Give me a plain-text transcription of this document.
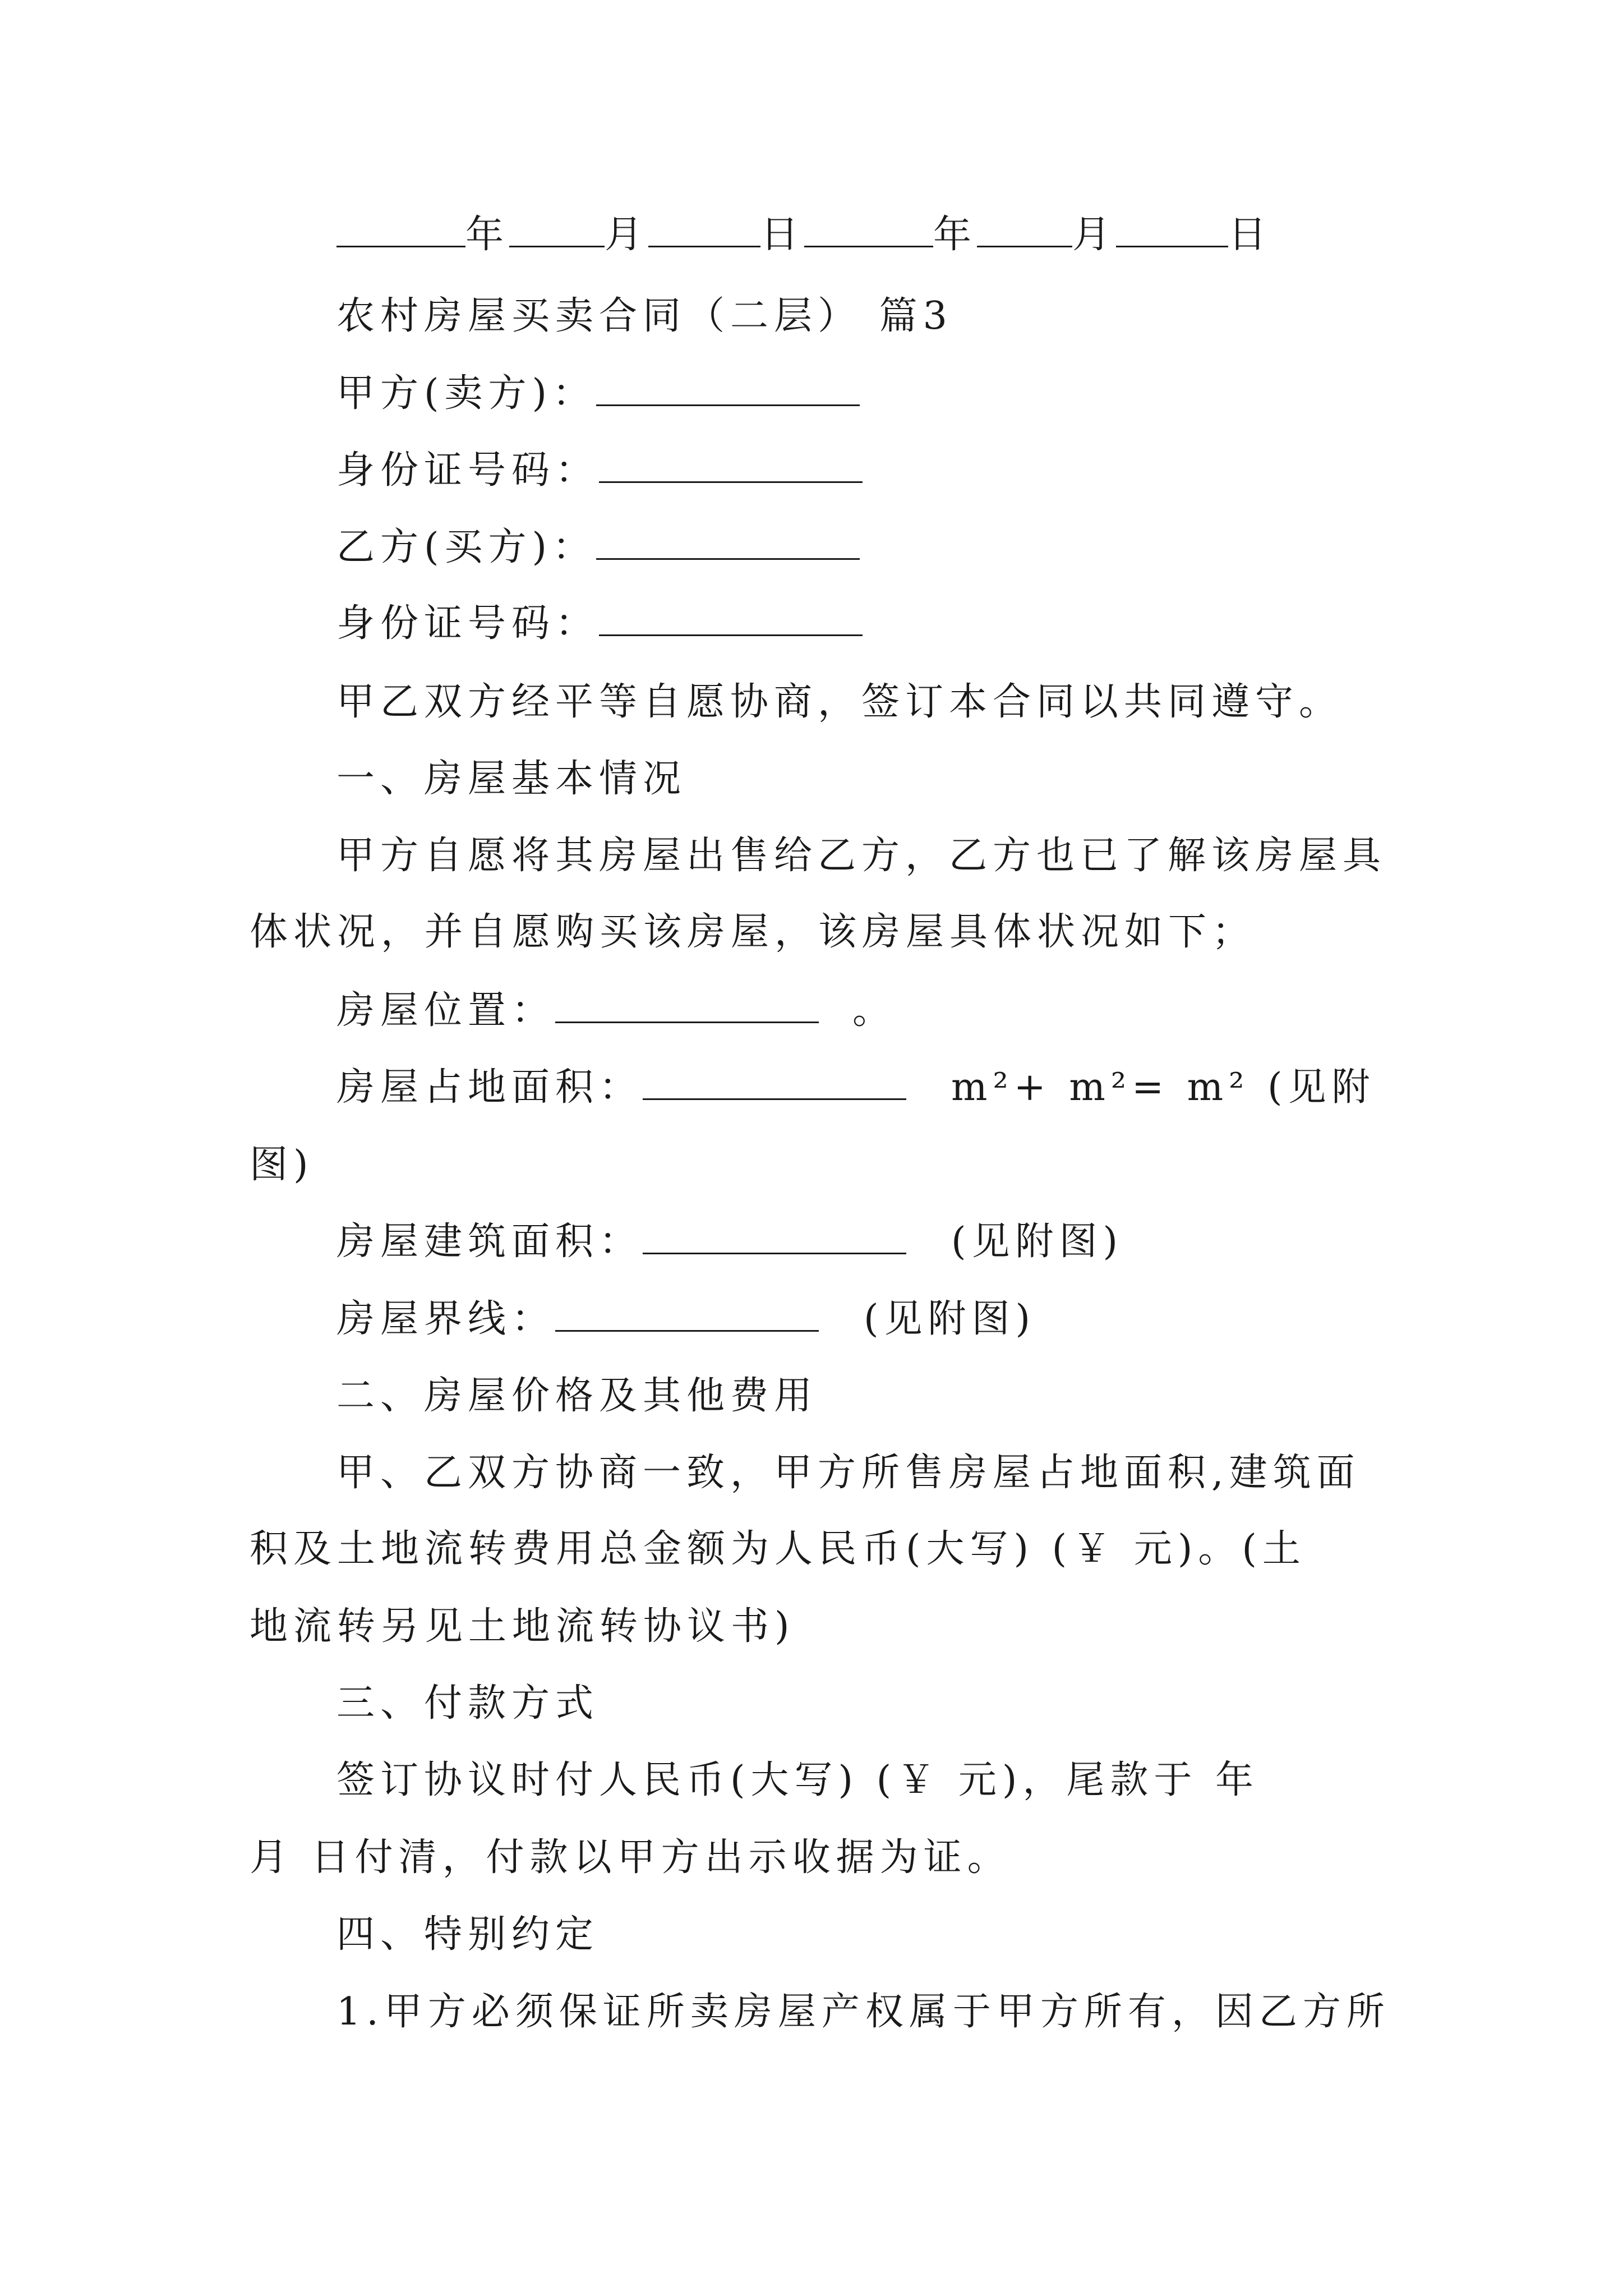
年	月	日	年	月	日
农村房屋买卖合同（二层） 篇3
甲方(卖方)：
身份证号码：
乙方(买方)：
身份证号码：
甲乙双方经平等自愿协商，签订本合同以共同遵守。
一、房屋基本情况
甲方自愿将其房屋出售给乙方，乙方也已了解该房屋具
体状况，并自愿购买该房屋，该房屋具体状况如下；
房屋位置：	。
房屋占地面积：	m²+ m²= m² (见附
图)
房屋建筑面积：	(见附图)
房屋界线：	(见附图)
二、房屋价格及其他费用
甲、乙双方协商一致，甲方所售房屋占地面积,建筑面
积及土地流转费用总金额为人民币(大写) (￥ 元)。(土
地流转另见土地流转协议书)
三、付款方式
签订协议时付人民币(大写) (￥ 元)，尾款于 年
月 日付清，付款以甲方出示收据为证。
四、特别约定
1.甲方必须保证所卖房屋产权属于甲方所有，因乙方所
